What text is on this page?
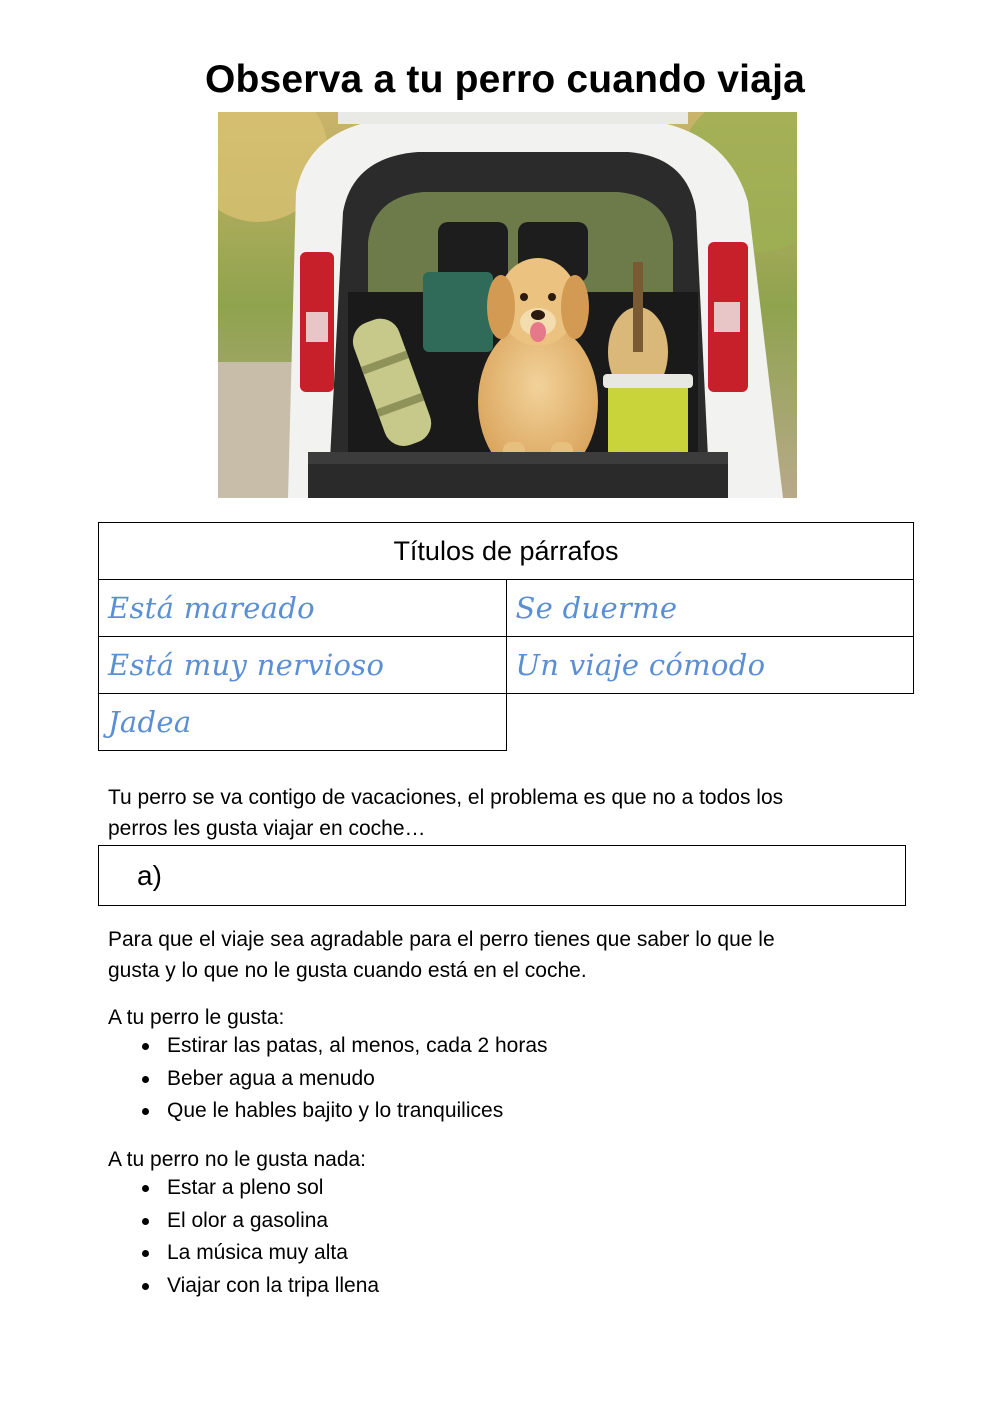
Observa a tu perro cuando viaja
Títulos de párrafos	
Está mareado	Se duerme
Está muy nervioso	Un viaje cómodo
Jadea	
Tu perro se va contigo de vacaciones, el problema es que no a todos los
perros les gusta viajar en coche…
a)
Para que el viaje sea agradable para el perro tienes que saber lo que le
gusta y lo que no le gusta cuando está en el coche.
A tu perro le gusta:
Estirar las patas, al menos, cada 2 horas
Beber agua a menudo
Que le hables bajito y lo tranquilices
A tu perro no le gusta nada:
Estar a pleno sol
El olor a gasolina
La música muy alta
Viajar con la tripa llena
